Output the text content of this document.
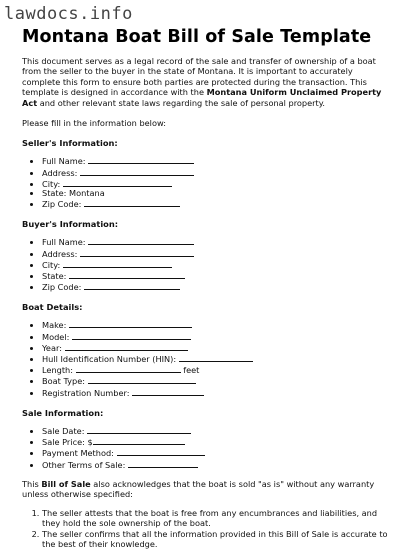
lawdocs.info
Montana Boat Bill of Sale Template

This document serves as a legal record of the sale and transfer of ownership of a boat from the seller to the buyer in the state of Montana. It is important to accurately complete this form to ensure both parties are protected during the transaction. This template is designed in accordance with the Montana Uniform Unclaimed Property Act and other relevant state laws regarding the sale of personal property.

Please fill in the information below:

Seller's Information:
• Full Name:
• Address:
• City:
• State: Montana
• Zip Code:
Buyer's Information:
• Full Name:
• Address:
• City:
• State:
• Zip Code:
Boat Details:
• Make:
• Model:
• Year:
• Hull Identification Number (HIN):
• Length:	feet
• Boat Type:
• Registration Number:
Sale Information:
• Sale Date:
• Sale Price: $
• Payment Method:
• Other Terms of Sale:

This Bill of Sale also acknowledges that the boat is sold "as is" without any warranty unless otherwise specified:

1. The seller attests that the boat is free from any encumbrances and liabilities, and they hold the sole ownership of the boat.
2. The seller confirms that all the information provided in this Bill of Sale is accurate to the best of their knowledge.
